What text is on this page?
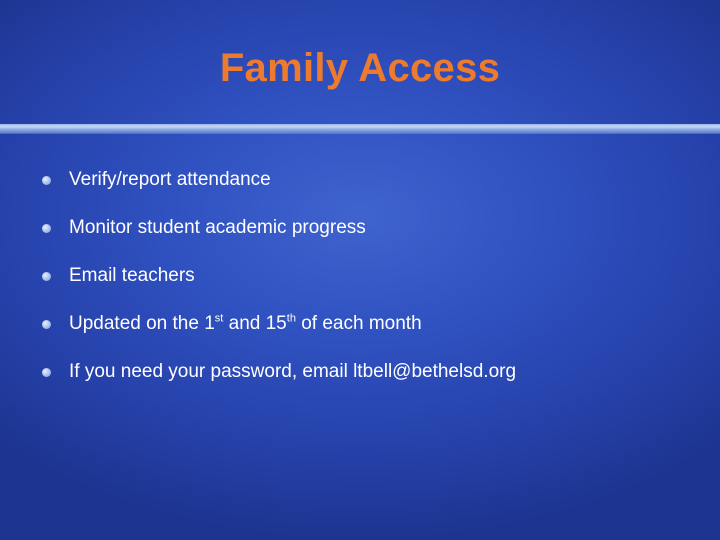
Family Access
Verify/report attendance
Monitor student academic progress
Email teachers
Updated on the 1st and 15th of each month
If you need your password, email ltbell@bethelsd.org
